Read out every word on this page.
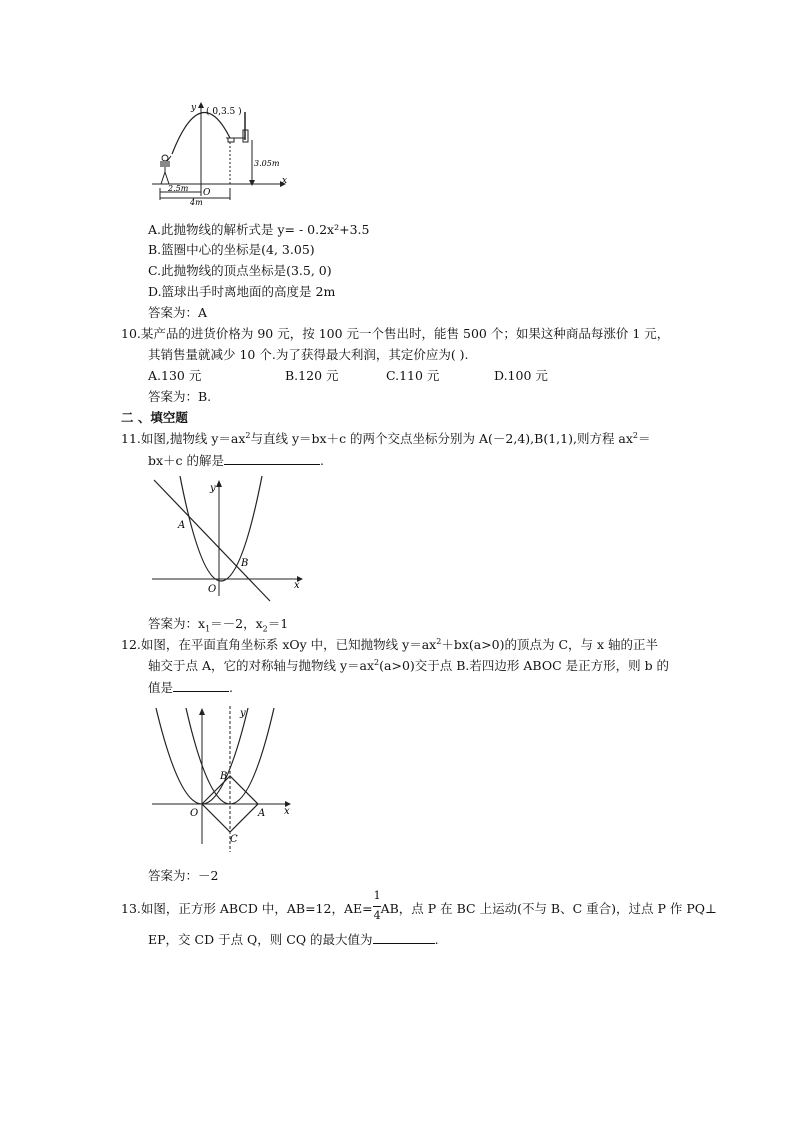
( 0,3.5 )
y
x
O
2.5m
4m
3.05m
A.此抛物线的解析式是 y= - 0.2x²+3.5
B.篮圈中心的坐标是(4, 3.05)
C.此抛物线的顶点坐标是(3.5, 0)
D.篮球出手时离地面的高度是 2m
答案为：A
10.某产品的进货价格为 90 元，按 100 元一个售出时，能售 500 个；如果这种商品每涨价 1 元，
其销售量就减少 10 个.为了获得最大利润，其定价应为( ).
A.130 元	B.120 元	C.110 元	D.100 元
答案为：B.
二 、填空题
11.如图,抛物线 $y=ax^2$与直线 y＝bx＋c 的两个交点坐标分别为 A(－2,4),B(1,1),则方程 $ax^2=$
bx＋c 的解是	.
y
x
O
A
B
答案为：$x_1=-2$，$x_2=1$
12.如图，在平面直角坐标系 xOy 中，已知抛物线 $y=ax^2+bx(a>0)$的顶点为 C，与 x 轴的正半
轴交于点 A，它的对称轴与抛物线 $y=ax^2(a>0)$交于点 B.若四边形 ABOC 是正方形，则 b 的
值是	.
y
x
O	A
B
C
答案为：－2
13.如图，正方形 ABCD 中，AB=12，$AE= \frac{1}{4}$ AB，点 P 在 BC 上运动(不与 B、C 重合)，过点 P 作 PQ⊥
EP，交 CD 于点 Q，则 CQ 的最大值为	.
